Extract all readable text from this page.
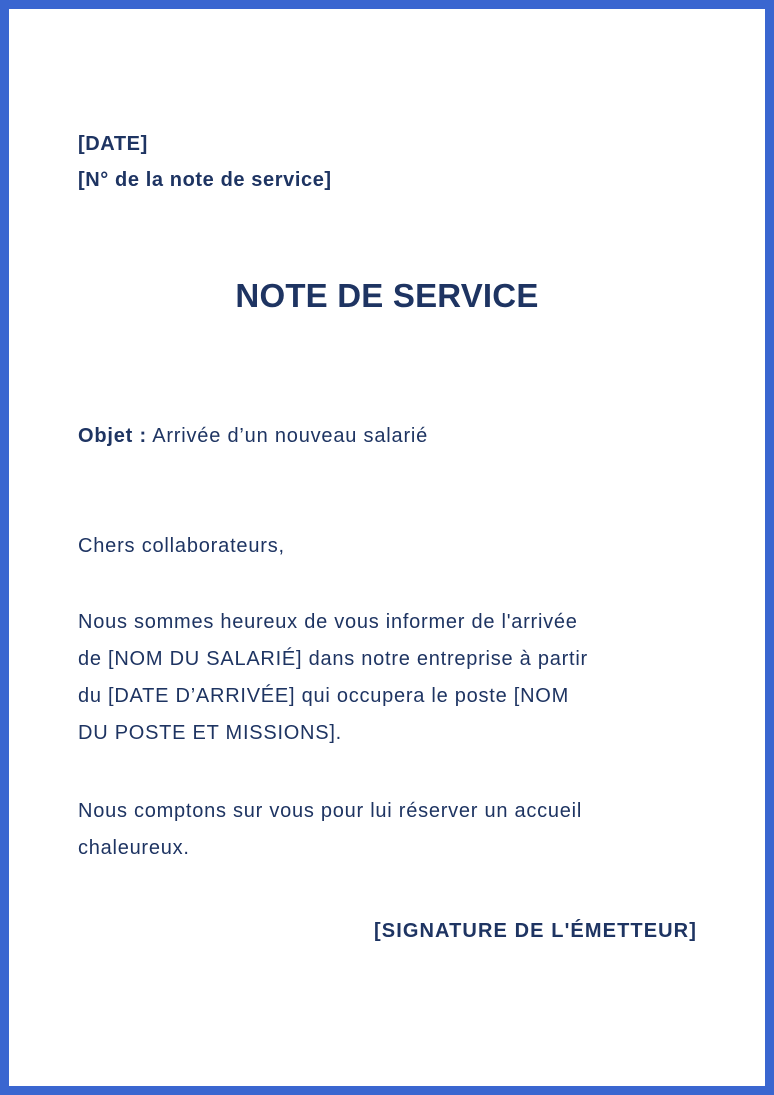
[DATE]
[N° de la note de service]
NOTE DE SERVICE
Objet : Arrivée d’un nouveau salarié
Chers collaborateurs,
Nous sommes heureux de vous informer de l'arrivée
de [NOM DU SALARIÉ] dans notre entreprise à partir
du [DATE D’ARRIVÉE] qui occupera le poste [NOM
DU POSTE ET MISSIONS].
Nous comptons sur vous pour lui réserver un accueil
chaleureux.
[SIGNATURE DE L'ÉMETTEUR]
